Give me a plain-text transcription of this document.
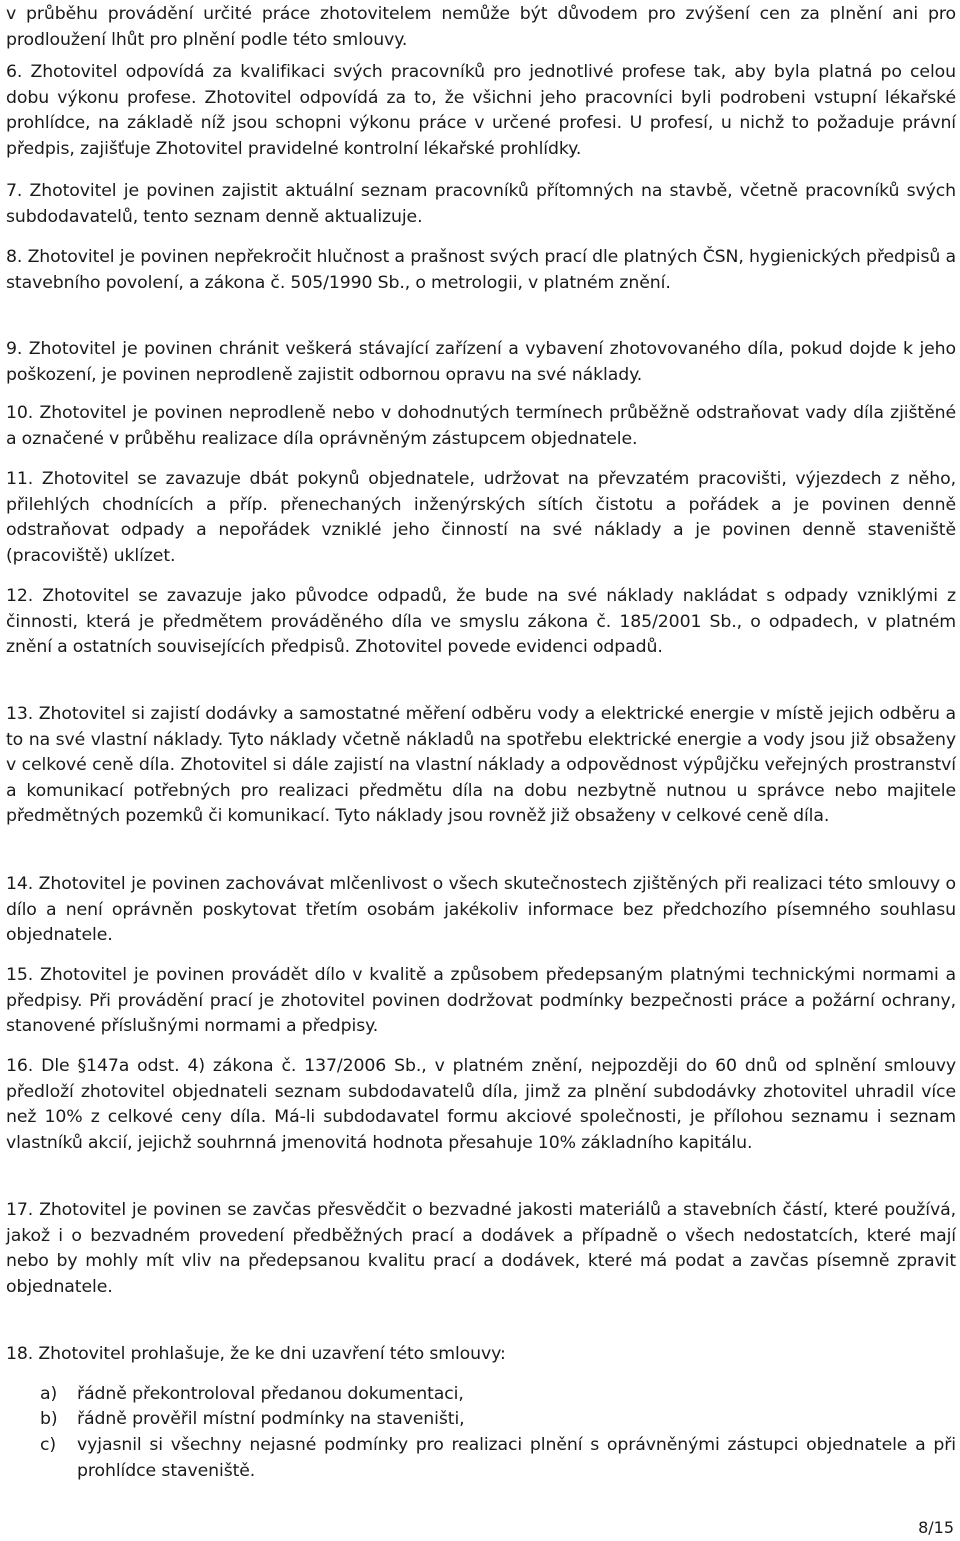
v průběhu provádění určité práce zhotovitelem nemůže být důvodem pro zvýšení cen za plnění ani pro prodloužení lhůt pro plnění podle této smlouvy.

6. Zhotovitel odpovídá za kvalifikaci svých pracovníků pro jednotlivé profese tak, aby byla platná po celou dobu výkonu profese. Zhotovitel odpovídá za to, že všichni jeho pracovníci byli podrobeni vstupní lékařské prohlídce, na základě níž jsou schopni výkonu práce v určené profesi. U profesí, u nichž to požaduje právní předpis, zajišťuje Zhotovitel pravidelné kontrolní lékařské prohlídky.

7. Zhotovitel je povinen zajistit aktuální seznam pracovníků přítomných na stavbě, včetně pracovníků svých subdodavatelů, tento seznam denně aktualizuje.

8. Zhotovitel je povinen nepřekročit hlučnost a prašnost svých prací dle platných ČSN, hygienických předpisů a stavebního povolení, a zákona č. 505/1990 Sb., o metrologii, v platném znění.

9. Zhotovitel je povinen chránit veškerá stávající zařízení a vybavení zhotovovaného díla, pokud dojde k jeho poškození, je povinen neprodleně zajistit odbornou opravu na své náklady.

10. Zhotovitel je povinen neprodleně nebo v dohodnutých termínech průběžně odstraňovat vady díla zjištěné a označené v průběhu realizace díla oprávněným zástupcem objednatele.

11. Zhotovitel se zavazuje dbát pokynů objednatele, udržovat na převzatém pracovišti, výjezdech z něho, přilehlých chodnících a příp. přenechaných inženýrských sítích čistotu a pořádek a je povinen denně odstraňovat odpady a nepořádek vzniklé jeho činností na své náklady a je povinen denně staveniště (pracoviště) uklízet.

12. Zhotovitel se zavazuje jako původce odpadů, že bude na své náklady nakládat s odpady vzniklými z činnosti, která je předmětem prováděného díla ve smyslu zákona č. 185/2001 Sb., o odpadech, v platném znění a ostatních souvisejících předpisů. Zhotovitel povede evidenci odpadů.

13. Zhotovitel si zajistí dodávky a samostatné měření odběru vody a elektrické energie v místě jejich odběru a to na své vlastní náklady. Tyto náklady včetně nákladů na spotřebu elektrické energie a vody jsou již obsaženy v celkové ceně díla. Zhotovitel si dále zajistí na vlastní náklady a odpovědnost výpůjčku veřejných prostranství a komunikací potřebných pro realizaci předmětu díla na dobu nezbytně nutnou u správce nebo majitele předmětných pozemků či komunikací. Tyto náklady jsou rovněž již obsaženy v celkové ceně díla.

14. Zhotovitel je povinen zachovávat mlčenlivost o všech skutečnostech zjištěných při realizaci této smlouvy o dílo a není oprávněn poskytovat třetím osobám jakékoliv informace bez předchozího písemného souhlasu objednatele.

15. Zhotovitel je povinen provádět dílo v kvalitě a způsobem předepsaným platnými technickými normami a předpisy. Při provádění prací je zhotovitel povinen dodržovat podmínky bezpečnosti práce a požární ochrany, stanovené příslušnými normami a předpisy.

16. Dle §147a odst. 4) zákona č. 137/2006 Sb., v platném znění, nejpozději do 60 dnů od splnění smlouvy předloží zhotovitel objednateli seznam subdodavatelů díla, jimž za plnění subdodávky zhotovitel uhradil více než 10% z celkové ceny díla. Má-li subdodavatel formu akciové společnosti, je přílohou seznamu i seznam vlastníků akcií, jejichž souhrnná jmenovitá hodnota přesahuje 10% základního kapitálu.

17. Zhotovitel je povinen se zavčas přesvědčit o bezvadné jakosti materiálů a stavebních částí, které používá, jakož i o bezvadném provedení předběžných prací a dodávek a případně o všech nedostatcích, které mají nebo by mohly mít vliv na předepsanou kvalitu prací a dodávek, které má podat a zavčas písemně zpravit objednatele.

18. Zhotovitel prohlašuje, že ke dni uzavření této smlouvy:

a)	řádně překontroloval předanou dokumentaci,
b)	řádně prověřil místní podmínky na staveništi,
c)	vyjasnil si všechny nejasné podmínky pro realizaci plnění s oprávněnými zástupci objednatele a při prohlídce staveniště.
8/15
